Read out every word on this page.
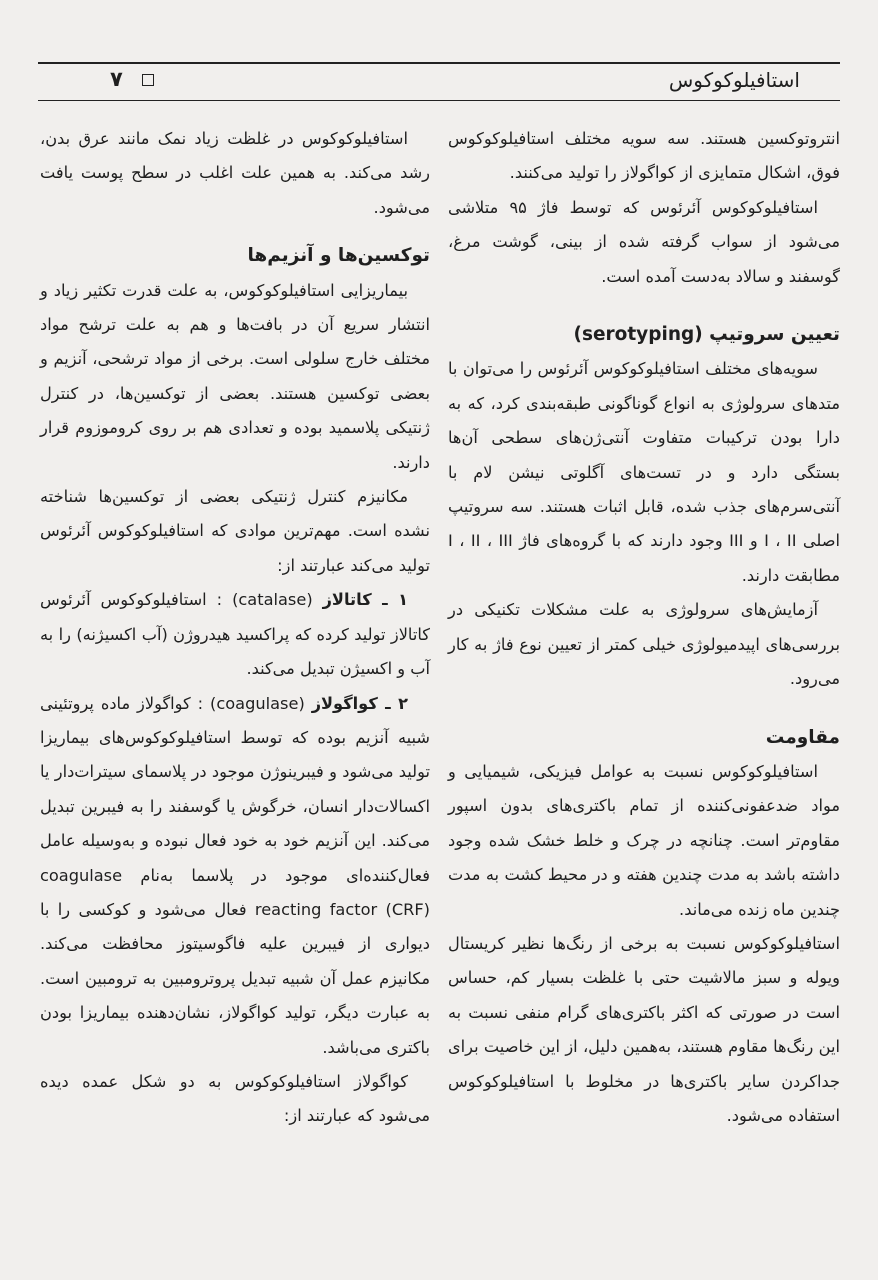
استافیلوکوکوس
۷

انتروتوکسین هستند. سه سویه مختلف استافیلوکوکوس فوق، اشکال متمایزی از کواگولاز را تولید می‌کنند.

استافیلوکوکوس آئرئوس که توسط فاژ ۹۵ متلاشی می‌شود از سواب گرفته شده از بینی، گوشت مرغ، گوسفند و سالاد به‌دست آمده است.

تعیین سروتیپ (serotyping)

سویه‌های مختلف استافیلوکوکوس آئرئوس را می‌توان با متدهای سرولوژی به انواع گوناگونی طبقه‌بندی کرد، که به دارا بودن ترکیبات متفاوت آنتی‌ژن‌های سطحی آن‌ها بستگی دارد و در تست‌های آگلوتی نیشن لام با آنتی‌سرم‌های جذب شده، قابل اثبات هستند. سه سروتیپ اصلی I ، II و III وجود دارند که با گروه‌های فاژ I ، II ، III مطابقت دارند.

آزمایش‌های سرولوژی به علت مشکلات تکنیکی در بررسی‌های اپیدمیولوژی خیلی کمتر از تعیین نوع فاژ به کار می‌رود.

مقاومت

استافیلوکوکوس نسبت به عوامل فیزیکی، شیمیایی و مواد ضدعفونی‌کننده از تمام باکتری‌های بدون اسپور مقاوم‌تر است. چنانچه در چرک و خلط خشک شده وجود داشته باشد به مدت چندین هفته و در محیط کشت به مدت چندین ماه زنده می‌ماند.

استافیلوکوکوس نسبت به برخی از رنگ‌ها نظیر کریستال ویوله و سبز مالاشیت حتی با غلظت بسیار کم، حساس است در صورتی که اکثر باکتری‌های گرام منفی نسبت به این رنگ‌ها مقاوم هستند، به‌همین دلیل، از این خاصیت برای جداکردن سایر باکتری‌ها در مخلوط با استافیلوکوکوس استفاده می‌شود.

استافیلوکوکوس در غلظت زیاد نمک مانند عرق بدن، رشد می‌کند. به همین علت اغلب در سطح پوست یافت می‌شود.

توکسین‌ها و آنزیم‌ها

بیماریزایی استافیلوکوکوس، به علت قدرت تکثیر زیاد و انتشار سریع آن در بافت‌ها و هم به علت ترشح مواد مختلف خارج سلولی است. برخی از مواد ترشحی، آنزیم و بعضی توکسین هستند. بعضی از توکسین‌ها، در کنترل ژنتیکی پلاسمید بوده و تعدادی هم بر روی کروموزوم قرار دارند.

مکانیزم کنترل ژنتیکی بعضی از توکسین‌ها شناخته نشده است. مهم‌ترین موادی که استافیلوکوکوس آئرئوس تولید می‌کند عبارتند از:

۱ ـ کاتالاز (catalase) : استافیلوکوکوس آئرئوس کاتالاز تولید کرده که پراکسید هیدروژن (آب اکسیژنه) را به آب و اکسیژن تبدیل می‌کند.

۲ ـ کواگولاز (coagulase) : کواگولاز ماده پروتئینی شبیه آنزیم بوده که توسط استافیلوکوکوس‌های بیماریزا تولید می‌شود و فیبرینوژن موجود در پلاسمای سیترات‌دار یا اکسالات‌دار انسان، خرگوش یا گوسفند را به فیبرین تبدیل می‌کند. این آنزیم خود به خود فعال نبوده و به‌وسیله عامل فعال‌کننده‌ای موجود در پلاسما به‌نام coagulase reacting factor (CRF) فعال می‌شود و کوکسی را با دیواری از فیبرین علیه فاگوسیتوز محافظت می‌کند. مکانیزم عمل آن شبیه تبدیل پروترومبین به ترومبین است. به عبارت دیگر، تولید کواگولاز، نشان‌دهنده بیماریزا بودن باکتری می‌باشد.

کواگولاز استافیلوکوکوس به دو شکل عمده دیده می‌شود که عبارتند از:
